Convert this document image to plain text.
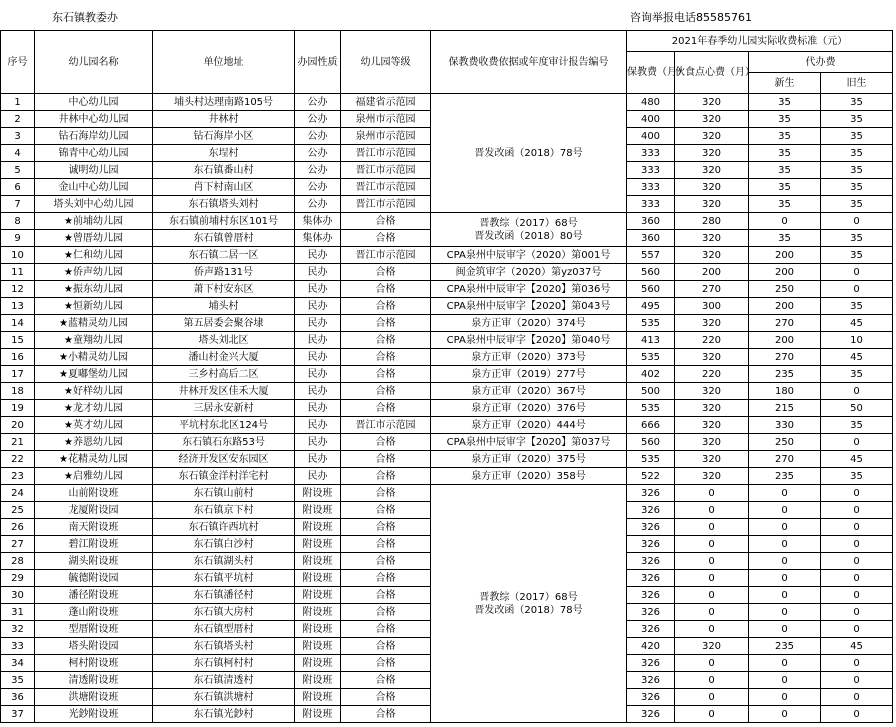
东石镇教委办	咨询举报电话85585761
序号	幼儿园名称	单位地址	办园性质	幼儿园等级	保教费收费依据或年度审计报告编号	2021年春季幼儿园实际收费标准（元）			
						保教费（月）	伙食点心费（月）	代办费	
								新生	旧生
1	中心幼儿园	埔头村达理南路105号	公办	福建省示范园	晋发改函（2018）78号	480	320	35	35
2	井林中心幼儿园	井林村	公办	泉州市示范园		400	320	35	35
3	钻石海岸幼儿园	钻石海岸小区	公办	泉州市示范园		400	320	35	35
4	锦青中心幼儿园	东埕村	公办	晋江市示范园		333	320	35	35
5	诚明幼儿园	东石镇番山村	公办	晋江市示范园		333	320	35	35
6	金山中心幼儿园	肖下村南山区	公办	晋江市示范园		333	320	35	35
7	塔头刘中心幼儿园	东石镇塔头刘村	公办	晋江市示范园		333	320	35	35
8	★前埔幼儿园	东石镇前埔村东区101号	集体办	合格	晋教综（2017）68号
晋发改函（2018）80号	360	280	0	0
9	★曾厝幼儿园	东石镇曾厝村	集体办	合格		360	320	35	35
10	★仁和幼儿园	东石镇二居一区	民办	晋江市示范园	CPA泉州中辰审字（2020）第001号	557	320	200	35
11	★侨声幼儿园	侨声路131号	民办	合格	闽金筑审字（2020）第yz037号	560	200	200	0
12	★振东幼儿园	萧下村安东区	民办	合格	CPA泉州中辰审字【2020】第036号	560	270	250	0
13	★恒新幼儿园	埔头村	民办	合格	CPA泉州中辰审字【2020】第043号	495	300	200	35
14	★蓝精灵幼儿园	第五居委会聚谷埭	民办	合格	泉方正审（2020）374号	535	320	270	45
15	★童翔幼儿园	塔头刘北区	民办	合格	CPA泉州中辰审字【2020】第040号	413	220	200	10
16	★小精灵幼儿园	潘山村金兴大厦	民办	合格	泉方正审（2020）373号	535	320	270	45
17	★夏嘟堡幼儿园	三乡村高后二区	民办	合格	泉方正审（2019）277号	402	220	235	35
18	★好样幼儿园	井林开发区佳禾大厦	民办	合格	泉方正审（2020）367号	500	320	180	0
19	★龙才幼儿园	三居永安新村	民办	合格	泉方正审（2020）376号	535	320	215	50
20	★英才幼儿园	平坑村东北区124号	民办	晋江市示范园	泉方正审（2020）444号	666	320	330	35
21	★养恩幼儿园	东石镇石东路53号	民办	合格	CPA泉州中辰审字【2020】第037号	560	320	250	0
22	★花精灵幼儿园	经济开发区安东园区	民办	合格	泉方正审（2020）375号	535	320	270	45
23	★启雅幼儿园	东石镇金洋村洋宅村	民办	合格	泉方正审（2020）358号	522	320	235	35
24	山前附设班	东石镇山前村	附设班	合格	晋教综（2017）68号
晋发改函（2018）78号	326	0	0	0
25	龙厦附设园	东石镇京下村	附设班	合格		326	0	0	0
26	南天附设班	东石镇许西坑村	附设班	合格		326	0	0	0
27	碧江附设班	东石镇白沙村	附设班	合格		326	0	0	0
28	湖头附设班	东石镇湖头村	附设班	合格		326	0	0	0
29	毓德附设园	东石镇平坑村	附设班	合格		326	0	0	0
30	潘径附设班	东石镇潘径村	附设班	合格		326	0	0	0
31	蓬山附设班	东石镇大房村	附设班	合格		326	0	0	0
32	型厝附设班	东石镇型厝村	附设班	合格		326	0	0	0
33	塔头附设园	东石镇塔头村	附设班	合格		420	320	235	45
34	柯村附设班	东石镇柯村村	附设班	合格		326	0	0	0
35	清透附设班	东石镇清透村	附设班	合格		326	0	0	0
36	洪塘附设班	东石镇洪塘村	附设班	合格		326	0	0	0
37	光鈔附设班	东石镇光鈔村	附设班	合格		326	0	0	0
